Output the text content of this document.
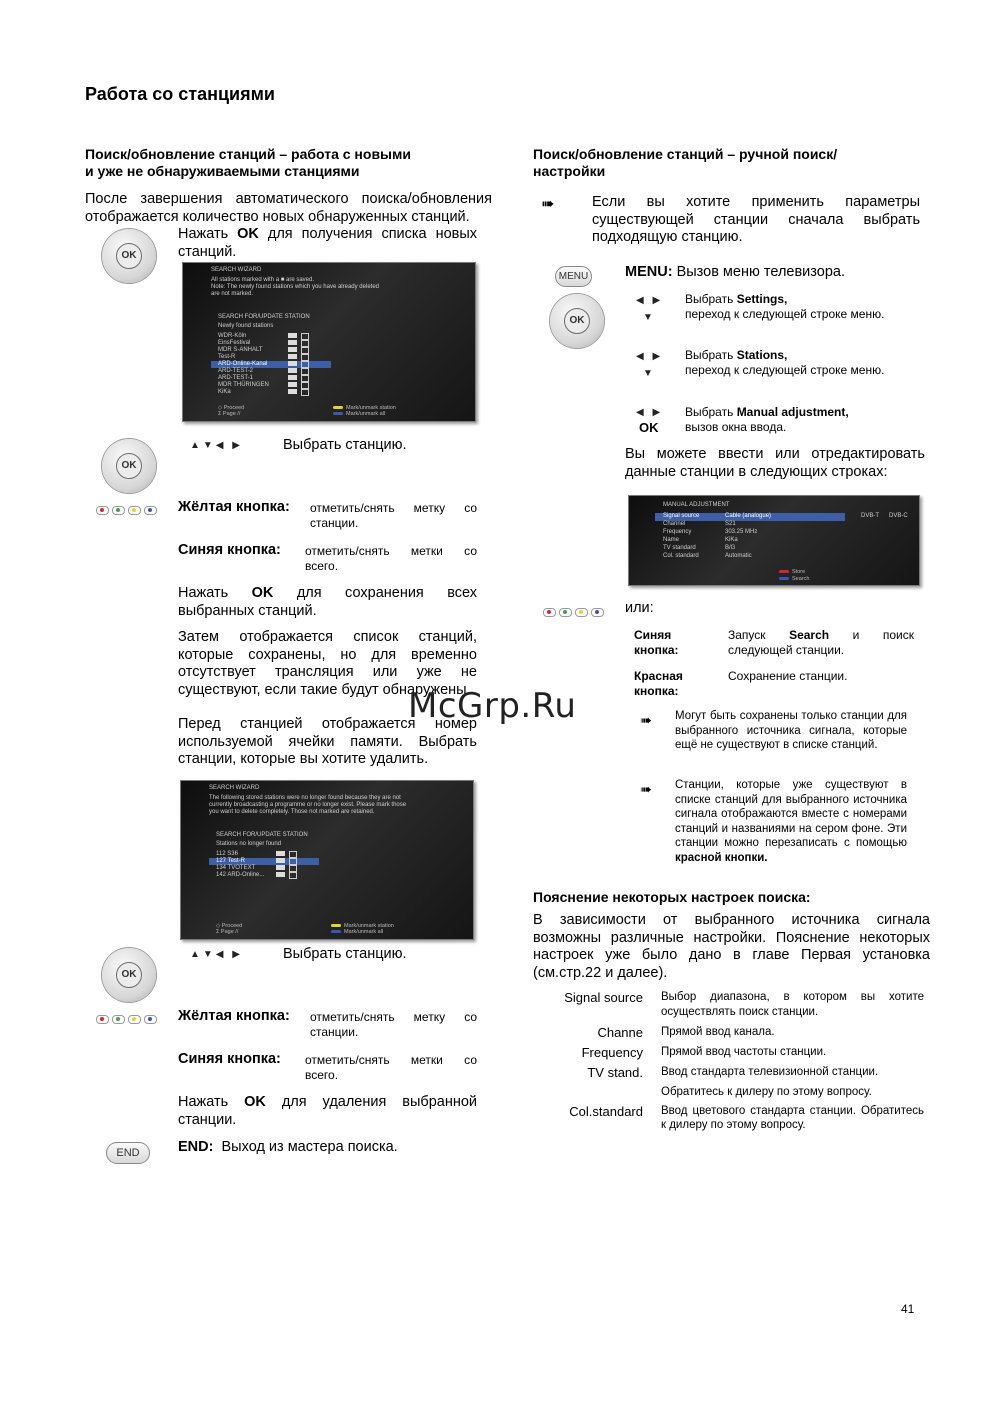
Работа со станциями
Поиск/обновление станций – работа с новыми
и уже не обнаруживаемыми станциями
После завершения автоматического поиска/обновления отображается количество новых обнаруженных станций.
OK
Нажать OK для получения списка новых станций.
SEARCH WIZARD
All stations marked with a ■ are saved.
Note: The newly found stations which you have already deleted
are not marked.
SEARCH FOR/UPDATE STATION
Newly found stations
WDR-Köln
EinsFestival
MDR S-ANHALT
Test-R
ARD-Online-Kanal
ARD-TEST-2
ARD-TEST-1
MDR THÜRINGEN
KiKa
◇ Proceed
Σ Page //
Mark/unmark station
Mark/unmark all
OK
▲▼◀ ▶	Выбрать станцию.
Жёлтая кнопка: отметить/снять метку со станции.
Синяя кнопка: отметить/снять метки со всего.
Нажать OK для сохранения всех выбранных станций.
Затем отображается список станций, которые сохранены, но для временно отсутствует трансляция или уже не существуют, если такие будут обнаружены.
Перед станцией отображается номер используемой ячейки памяти. Выбрать станции, которые вы хотите удалить.
SEARCH WIZARD
The following stored stations were no longer found because they are not
currently broadcasting a programme or no longer exist. Please mark those
you want to delete completely. Those not marked are retained.
SEARCH FOR/UPDATE STATION
Stations no longer found
112 S36
127 Test-R
134 TVOTEXT
142 ARD-Online...
◇ Proceed
Σ Page //
Mark/unmark station
Mark/unmark all
OK
▲▼◀ ▶	Выбрать станцию.
Жёлтая кнопка: отметить/снять метку со станции.
Синяя кнопка: отметить/снять метки со всего.
Нажать OK для удаления выбранной станции.
END	END: Выход из мастера поиска.
Поиск/обновление станций – ручной поиск/
настройки
➠	Если вы хотите применить параметры существующей станции сначала выбрать подходящую станцию.
MENU	MENU: Вызов меню телевизора.
OK
◀ ▶
▼
Выбрать Settings,
переход к следующей строке меню.
◀ ▶
▼
Выбрать Stations,
переход к следующей строке меню.
◀ ▶
OK
Выбрать Manual adjustment,
вызов окна ввода.
Вы можете ввести или отредактировать данные станции в следующих строках:
MANUAL ADJUSTMENT
Signal source	Cable (analogue)
Channel	S21
Frequency	303.25 MHz
Name	KiKa
TV standard	B/G
Col. standard	Automatic
DVB-T DVB-C
Store
Search
или:
Синяя кнопка:
Запуск Search и поиск следующей станции.
Красная кнопка:
Сохранение станции.
➠ Могут быть сохранены только станции для выбранного источника сигнала, которые ещё не существуют в списке станций.
➠ Станции, которые уже существуют в списке станций для выбранного источника сигнала отображаются вместе с номерами станций и названиями на сером фоне. Эти станции можно перезаписать с помощью красной кнопки.
Пояснение некоторых настроек поиска:
В зависимости от выбранного источника сигнала возможны различные настройки. Пояснение некоторых настроек уже было дано в главе Первая установка (см.стр.22 и далее).
Signal source	Выбор диапазона, в котором вы хотите осуществлять поиск станции.
Channe	Прямой ввод канала.
Frequency	Прямой ввод частоты станции.
TV stand.	Ввод стандарта телевизионной станции.
Обратитесь к дилеру по этому вопросу.
Col.standard	Ввод цветового стандарта станции. Обратитесь к дилеру по этому вопросу.
McGrp.Ru
41
